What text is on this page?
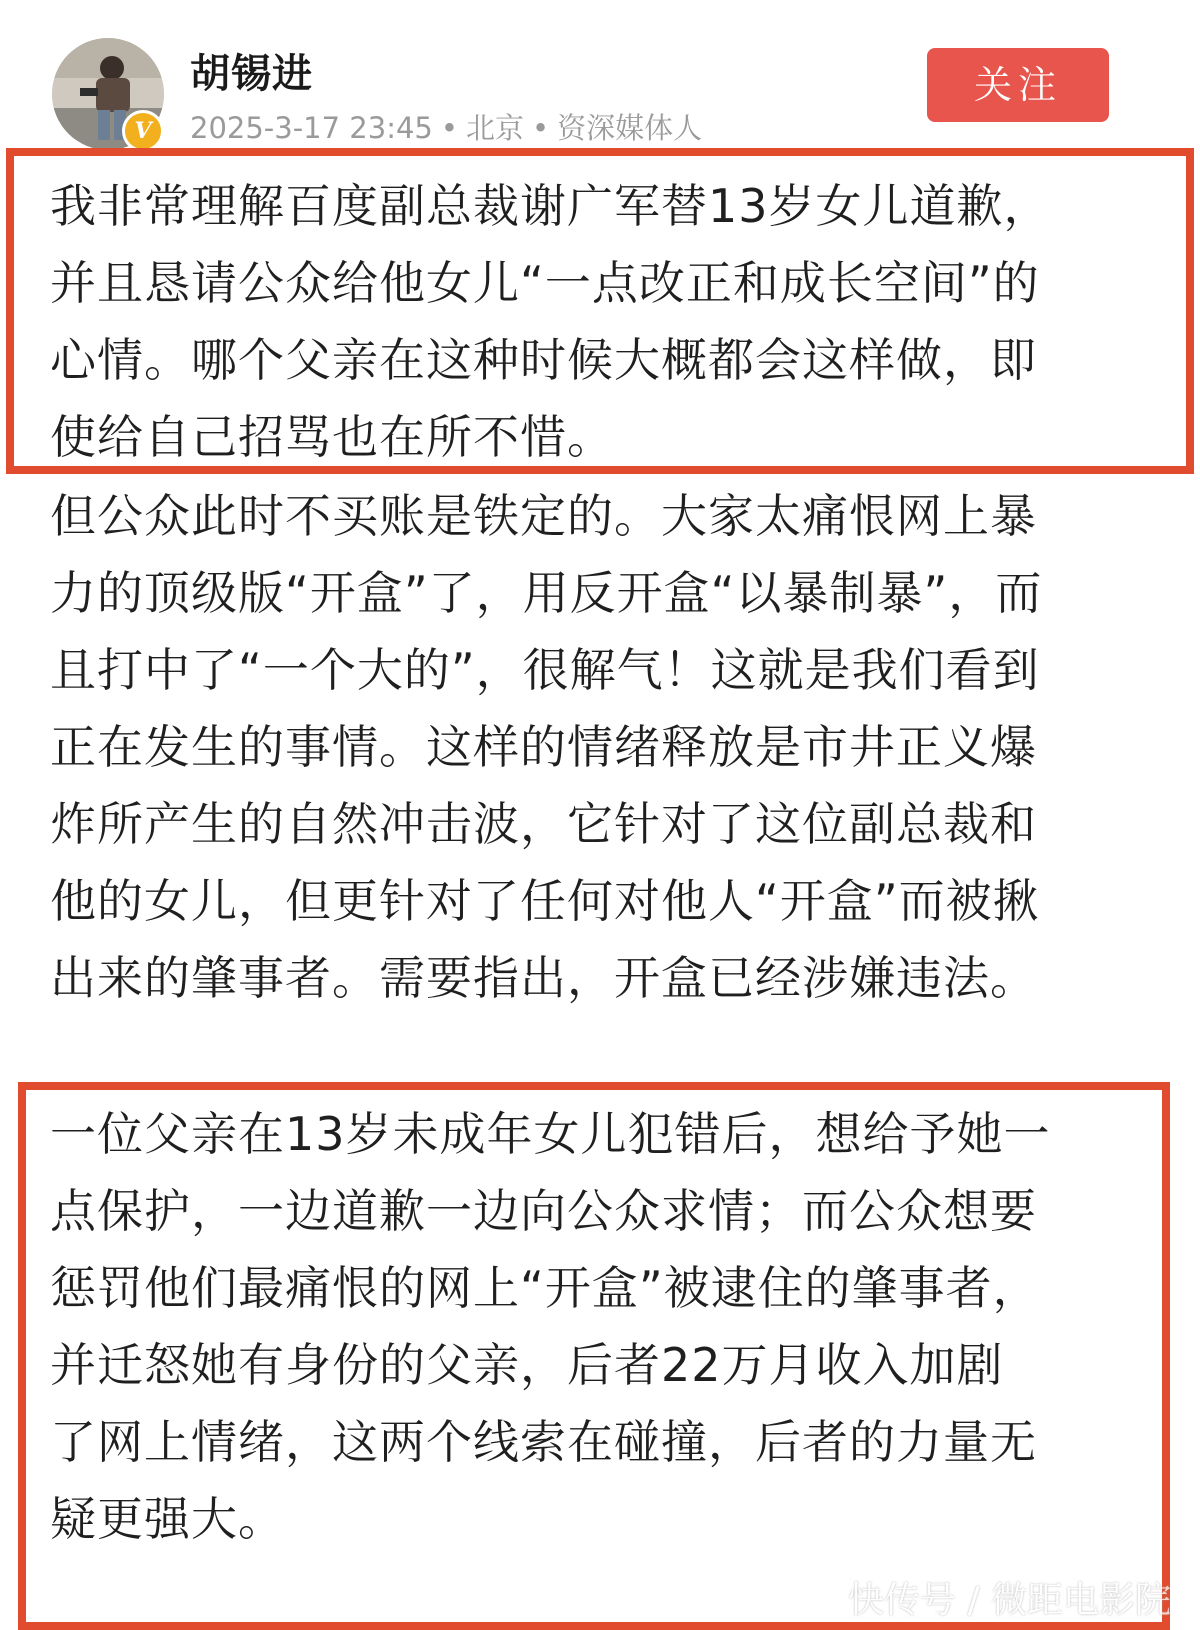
V
胡锡进
2025-3-17 23:45 • 北京 • 资深媒体人
关注

我非常理解百度副总裁谢广军替13岁女儿道歉，
并且恳请公众给他女儿“一点改正和成长空间”的
心情。哪个父亲在这种时候大概都会这样做，即
使给自己招骂也在所不惜。

但公众此时不买账是铁定的。大家太痛恨网上暴
力的顶级版“开盒”了，用反开盒“以暴制暴”，而
且打中了“一个大的”，很解气！这就是我们看到
正在发生的事情。这样的情绪释放是市井正义爆
炸所产生的自然冲击波，它针对了这位副总裁和
他的女儿，但更针对了任何对他人“开盒”而被揪
出来的肇事者。需要指出，开盒已经涉嫌违法。

一位父亲在13岁未成年女儿犯错后，想给予她一
点保护，一边道歉一边向公众求情；而公众想要
惩罚他们最痛恨的网上“开盒”被逮住的肇事者，
并迁怒她有身份的父亲，后者22万月收入加剧
了网上情绪，这两个线索在碰撞，后者的力量无
疑更强大。

快传号 / 微距电影院
